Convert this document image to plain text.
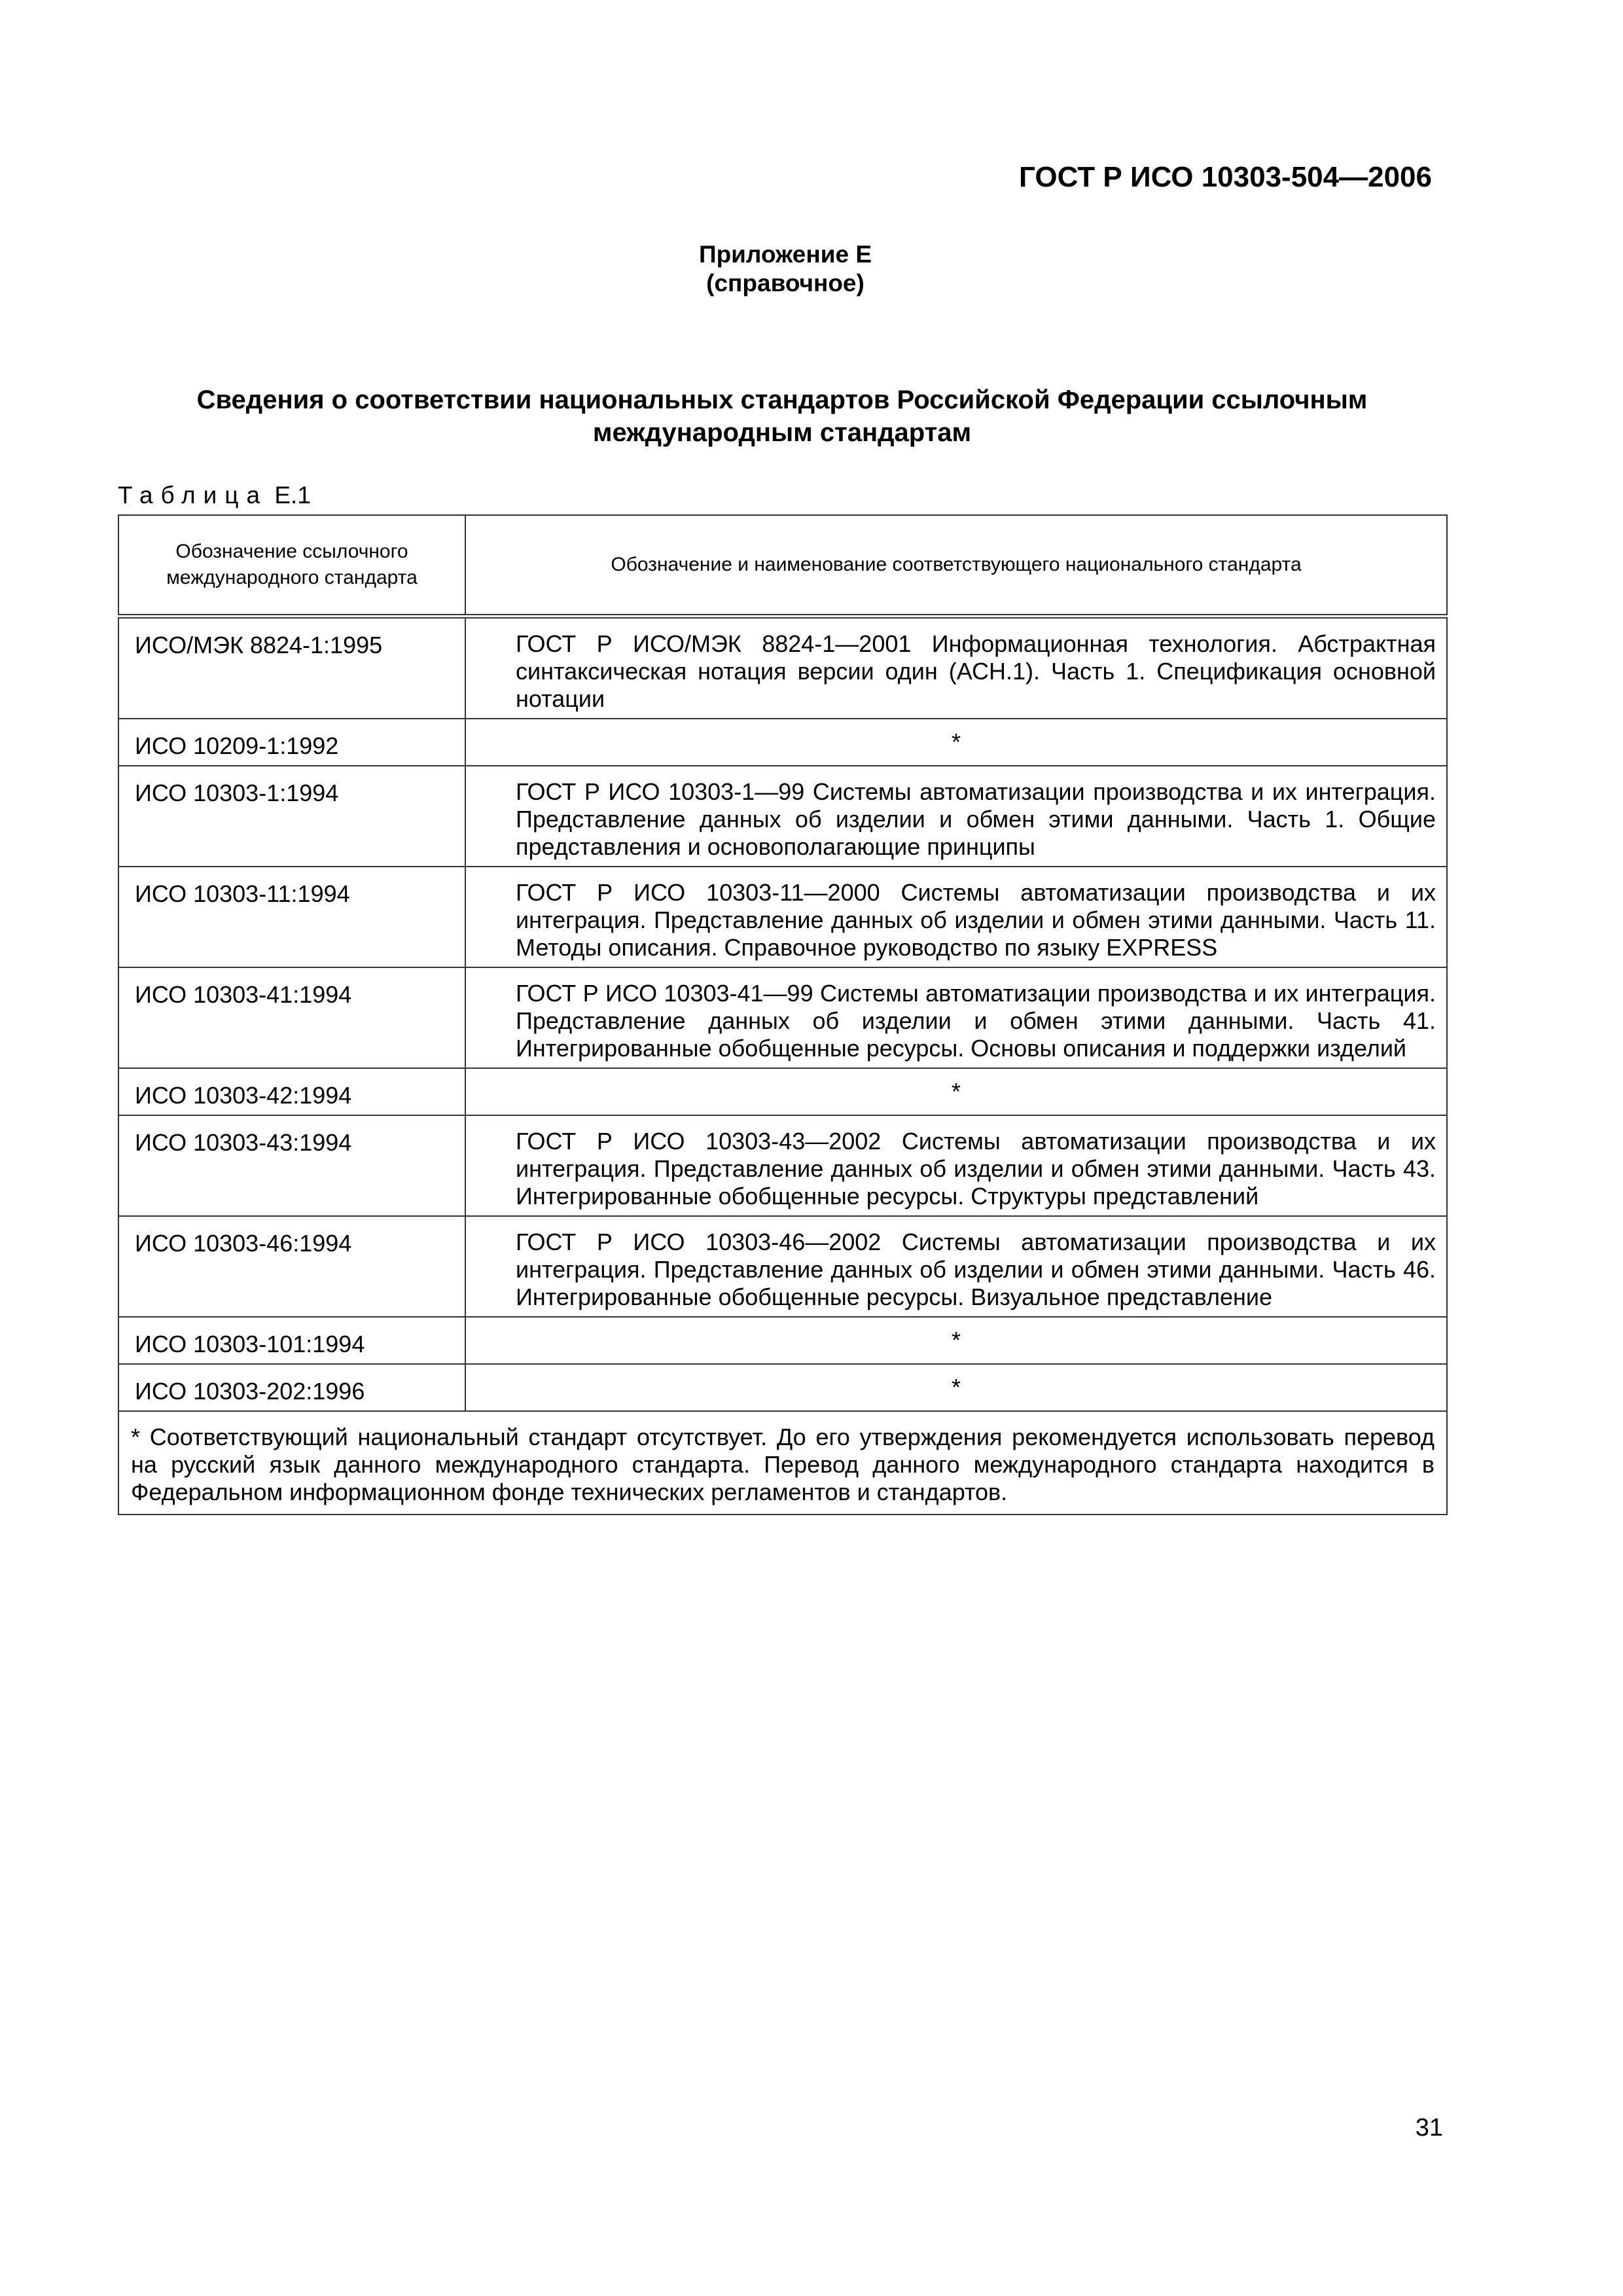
ГОСТ Р ИСО 10303-504—2006
Приложение Е
(справочное)
Сведения о соответствии национальных стандартов Российской Федерации ссылочным международным стандартам
Таблица Е.1
Обозначение ссылочного международного стандарта	Обозначение и наименование соответствующего национального стандарта
ИСО/МЭК 8824-1:1995	ГОСТ Р ИСО/МЭК 8824-1—2001 Информационная технология. Абстрактная синтаксическая нотация версии один (АСН.1). Часть 1. Спецификация основной нотации

ИСО 10209-1:1992	*
ИСО 10303-1:1994	ГОСТ Р ИСО 10303-1—99 Системы автоматизации производства и их интеграция. Представление данных об изделии и обмен этими данными. Часть 1. Общие представления и основополагающие принципы

ИСО 10303-11:1994	ГОСТ Р ИСО 10303-11—2000 Системы автоматизации производства и их интеграция. Представление данных об изделии и обмен этими данными. Часть 11. Методы описания. Справочное руководство по языку EXPRESS

ИСО 10303-41:1994	ГОСТ Р ИСО 10303-41—99 Системы автоматизации производства и их интеграция. Представление данных об изделии и обмен этими данными. Часть 41. Интегрированные обобщенные ресурсы. Основы описания и поддержки изделий

ИСО 10303-42:1994	*
ИСО 10303-43:1994	ГОСТ Р ИСО 10303-43—2002 Системы автоматизации производства и их интеграция. Представление данных об изделии и обмен этими данными. Часть 43. Интегрированные обобщенные ресурсы. Структуры представлений

ИСО 10303-46:1994	ГОСТ Р ИСО 10303-46—2002 Системы автоматизации производства и их интеграция. Представление данных об изделии и обмен этими данными. Часть 46. Интегрированные обобщенные ресурсы. Визуальное представление

ИСО 10303-101:1994	*
ИСО 10303-202:1996	*
* Соответствующий национальный стандарт отсутствует. До его утверждения рекомендуется использовать перевод на русский язык данного международного стандарта. Перевод данного международного стандарта находится в Федеральном информационном фонде технических регламентов и стандартов.	
31
